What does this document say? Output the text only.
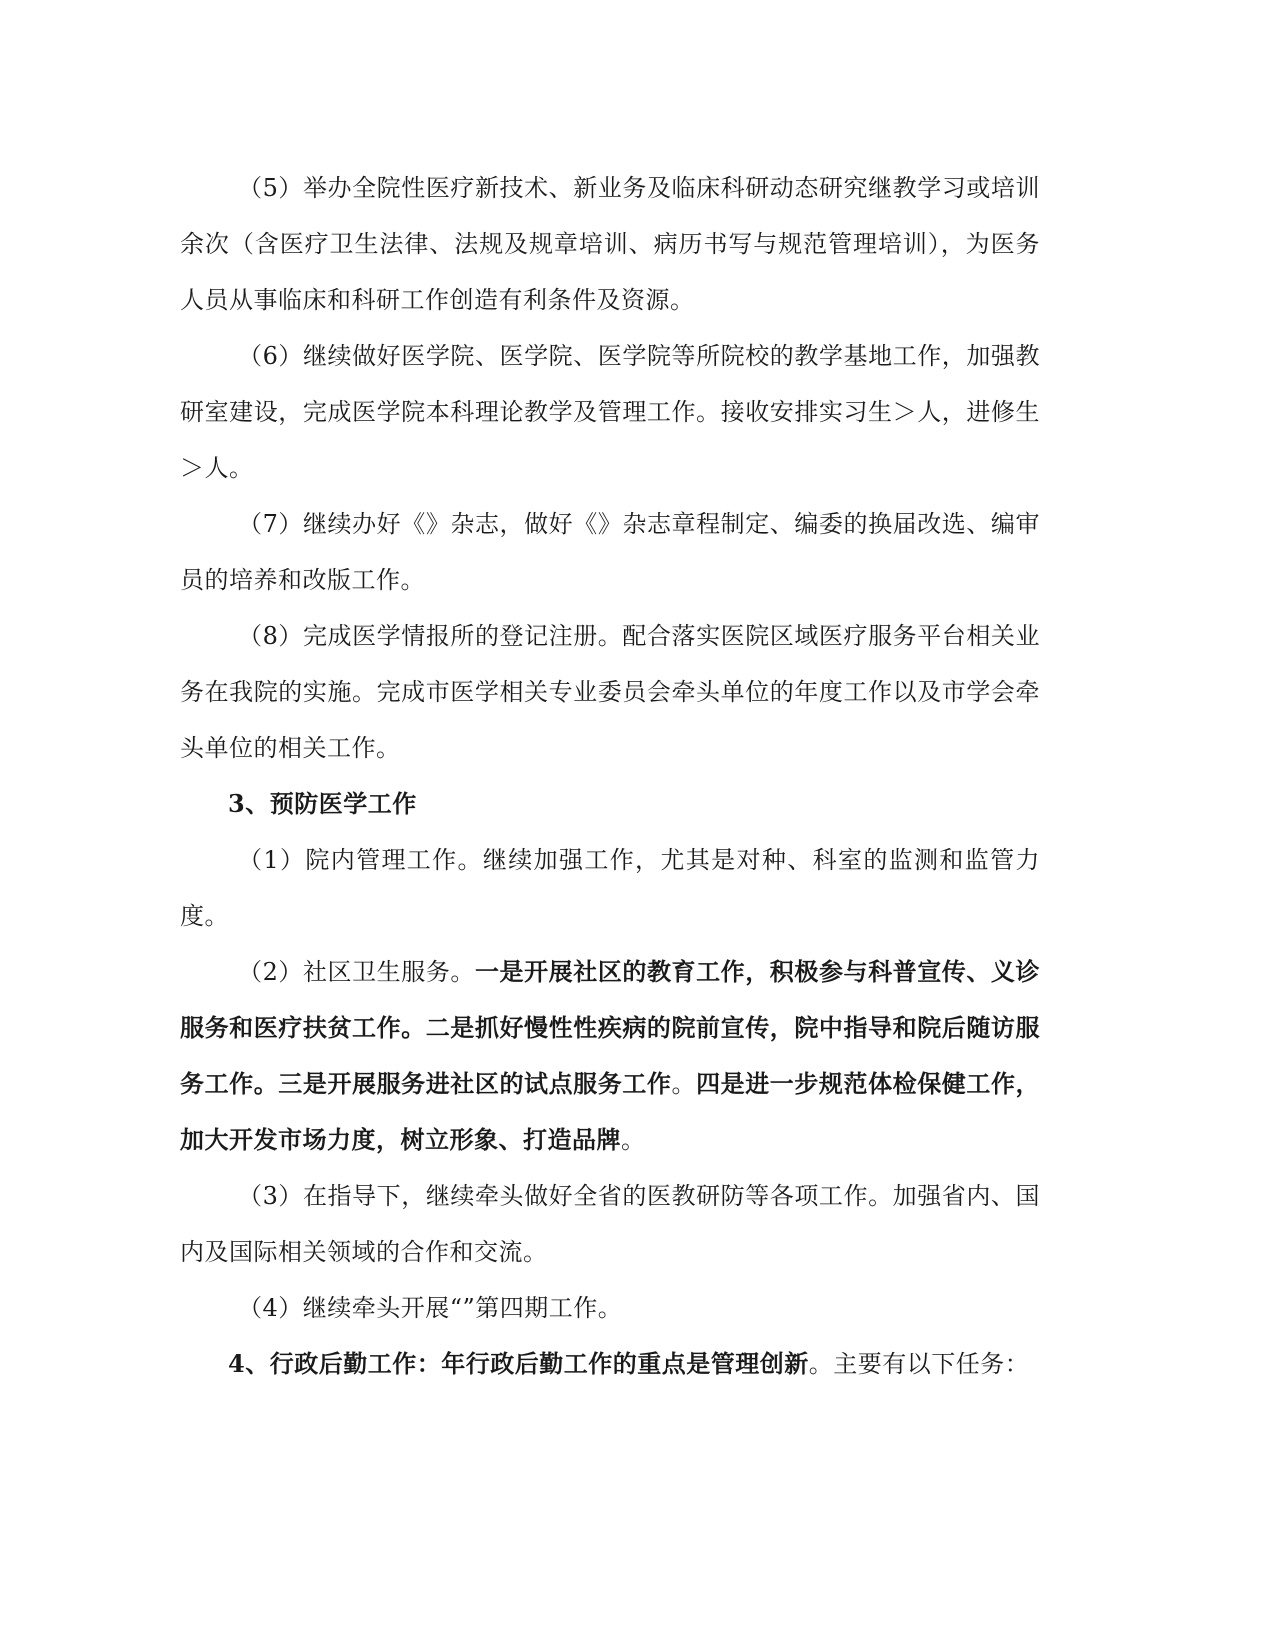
（5）举办全院性医疗新技术、新业务及临床科研动态研究继教学习或培训余次（含医疗卫生法律、法规及规章培训、病历书写与规范管理培训），为医务人员从事临床和科研工作创造有利条件及资源。

（6）继续做好医学院、医学院、医学院等所院校的教学基地工作，加强教研室建设，完成医学院本科理论教学及管理工作。接收安排实习生＞人，进修生＞人。

（7）继续办好《》杂志，做好《》杂志章程制定、编委的换届改选、编审员的培养和改版工作。

（8）完成医学情报所的登记注册。配合落实医院区域医疗服务平台相关业务在我院的实施。完成市医学相关专业委员会牵头单位的年度工作以及市学会牵头单位的相关工作。

3、预防医学工作

（1）院内管理工作。继续加强工作，尤其是对种、科室的监测和监管力度。

（2）社区卫生服务。一是开展社区的教育工作，积极参与科普宣传、义诊服务和医疗扶贫工作。二是抓好慢性性疾病的院前宣传，院中指导和院后随访服务工作。三是开展服务进社区的试点服务工作。四是进一步规范体检保健工作，加大开发市场力度，树立形象、打造品牌。

（3）在指导下，继续牵头做好全省的医教研防等各项工作。加强省内、国内及国际相关领域的合作和交流。

（4）继续牵头开展“”第四期工作。

4、行政后勤工作：年行政后勤工作的重点是管理创新。主要有以下任务：
